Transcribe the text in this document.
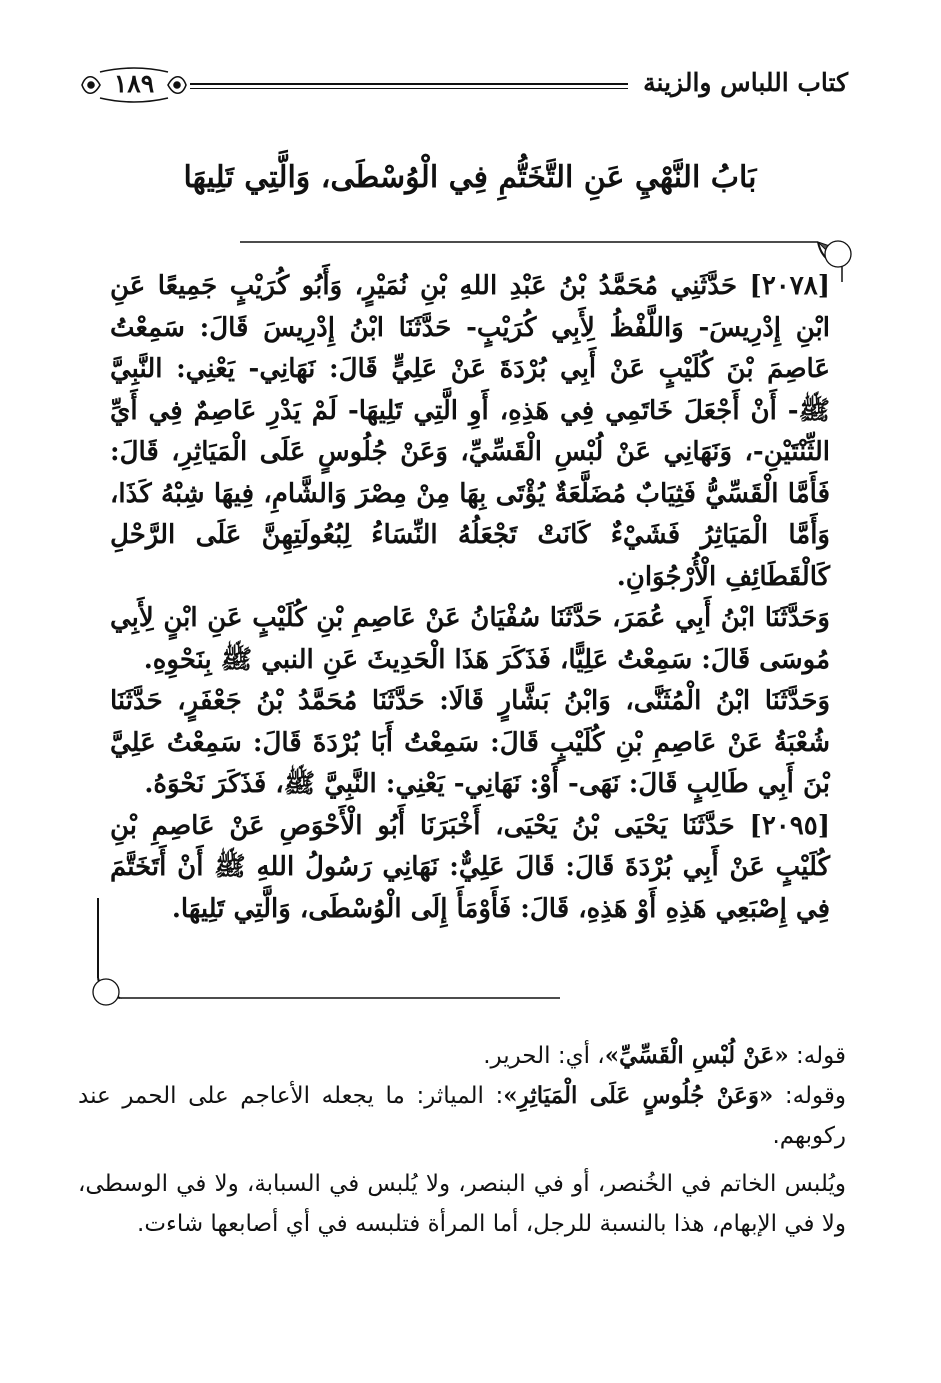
كتاب اللباس والزينة
١٨٩
بَابُ النَّهْيِ عَنِ التَّخَتُّمِ فِي الْوُسْطَى، وَالَّتِي تَلِيهَا

[٢٠٧٨] حَدَّثَنِي مُحَمَّدُ بْنُ عَبْدِ اللهِ بْنِ نُمَيْرٍ، وَأَبُو كُرَيْبٍ جَمِيعًا عَنِ ابْنِ إِدْرِيسَ- وَاللَّفْظُ لِأَبِي كُرَيْبٍ- حَدَّثَنَا ابْنُ إِدْرِيسَ قَالَ: سَمِعْتُ عَاصِمَ بْنَ كُلَيْبٍ عَنْ أَبِي بُرْدَةَ عَنْ عَلِيٍّ قَالَ: نَهَانِي- يَعْنِي: النَّبِيَّ ﷺ- أَنْ أَجْعَلَ خَاتَمِي فِي هَذِهِ، أَوِ الَّتِي تَلِيهَا- لَمْ يَدْرِ عَاصِمٌ فِي أَيِّ الثِّنْتَيْنِ-، وَنَهَانِي عَنْ لُبْسِ الْقَسِّيِّ، وَعَنْ جُلُوسٍ عَلَى الْمَيَاثِرِ، قَالَ: فَأَمَّا الْقَسِّيُّ فَثِيَابٌ مُضَلَّعَةٌ يُؤْتَى بِهَا مِنْ مِصْرَ وَالشَّامِ، فِيهَا شِبْهُ كَذَا، وَأَمَّا الْمَيَاثِرُ فَشَيْءٌ كَانَتْ تَجْعَلُهُ النِّسَاءُ لِبُعُولَتِهِنَّ عَلَى الرَّحْلِ كَالْقَطَائِفِ الْأُرْجُوَانِ.

وَحَدَّثَنَا ابْنُ أَبِي عُمَرَ، حَدَّثَنَا سُفْيَانُ عَنْ عَاصِمِ بْنِ كُلَيْبٍ عَنِ ابْنٍ لِأَبِي مُوسَى قَالَ: سَمِعْتُ عَلِيًّا، فَذَكَرَ هَذَا الْحَدِيثَ عَنِ النبي ﷺ بِنَحْوِهِ.

وَحَدَّثَنَا ابْنُ الْمُثَنَّى، وَابْنُ بَشَّارٍ قَالَا: حَدَّثَنَا مُحَمَّدُ بْنُ جَعْفَرٍ، حَدَّثَنَا شُعْبَةُ عَنْ عَاصِمِ بْنِ كُلَيْبٍ قَالَ: سَمِعْتُ أَبَا بُرْدَةَ قَالَ: سَمِعْتُ عَلِيَّ بْنَ أَبِي طَالِبٍ قَالَ: نَهَى- أَوْ: نَهَانِي- يَعْنِي: النَّبِيَّ ﷺ، فَذَكَرَ نَحْوَهُ.

[٢٠٩٥] حَدَّثَنَا يَحْيَى بْنُ يَحْيَى، أَخْبَرَنَا أَبُو الْأَحْوَصِ عَنْ عَاصِمِ بْنِ كُلَيْبٍ عَنْ أَبِي بُرْدَةَ قَالَ: قَالَ عَلِيٌّ: نَهَانِي رَسُولُ اللهِ ﷺ أَنْ أَتَخَتَّمَ فِي إِصْبَعِي هَذِهِ أَوْ هَذِهِ، قَالَ: فَأَوْمَأَ إِلَى الْوُسْطَى، وَالَّتِي تَلِيهَا.

قوله: «عَنْ لُبْسِ الْقَسِّيِّ»، أي: الحرير.

وقوله: «وَعَنْ جُلُوسٍ عَلَى الْمَيَاثِرِ»: المياثر: ما يجعله الأعاجم على الحمر عند ركوبهم.

ويُلبس الخاتم في الخُنصر، أو في البنصر، ولا يُلبس في السبابة، ولا في الوسطى، ولا في الإبهام، هذا بالنسبة للرجل، أما المرأة فتلبسه في أي أصابعها شاءت.
